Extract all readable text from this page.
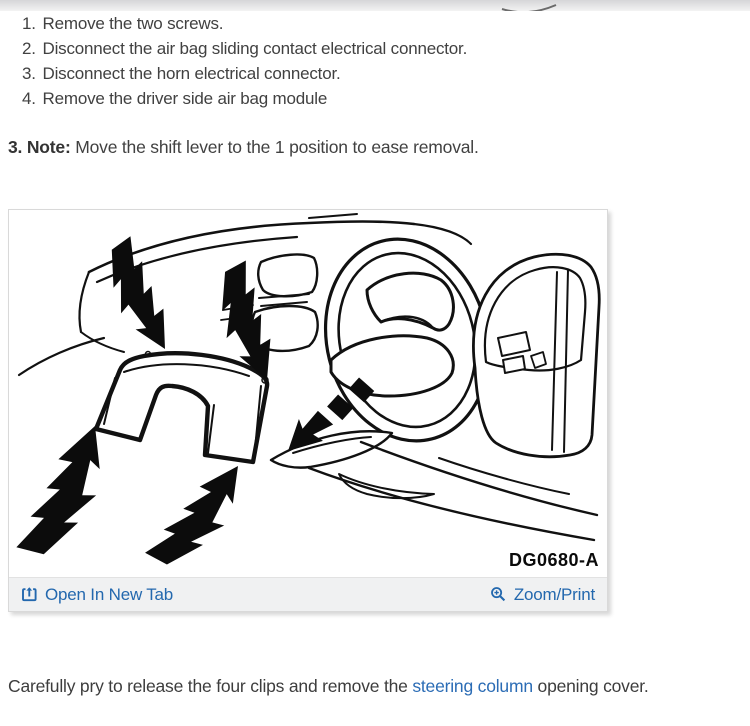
1. Remove the two screws.
2. Disconnect the air bag sliding contact electrical connector.
3. Disconnect the horn electrical connector.
4. Remove the driver side air bag module
3. Note: Move the shift lever to the 1 position to ease removal.
DG0680-A
Open In New Tab	Zoom/Print
Carefully pry to release the four clips and remove the steering column opening cover.
